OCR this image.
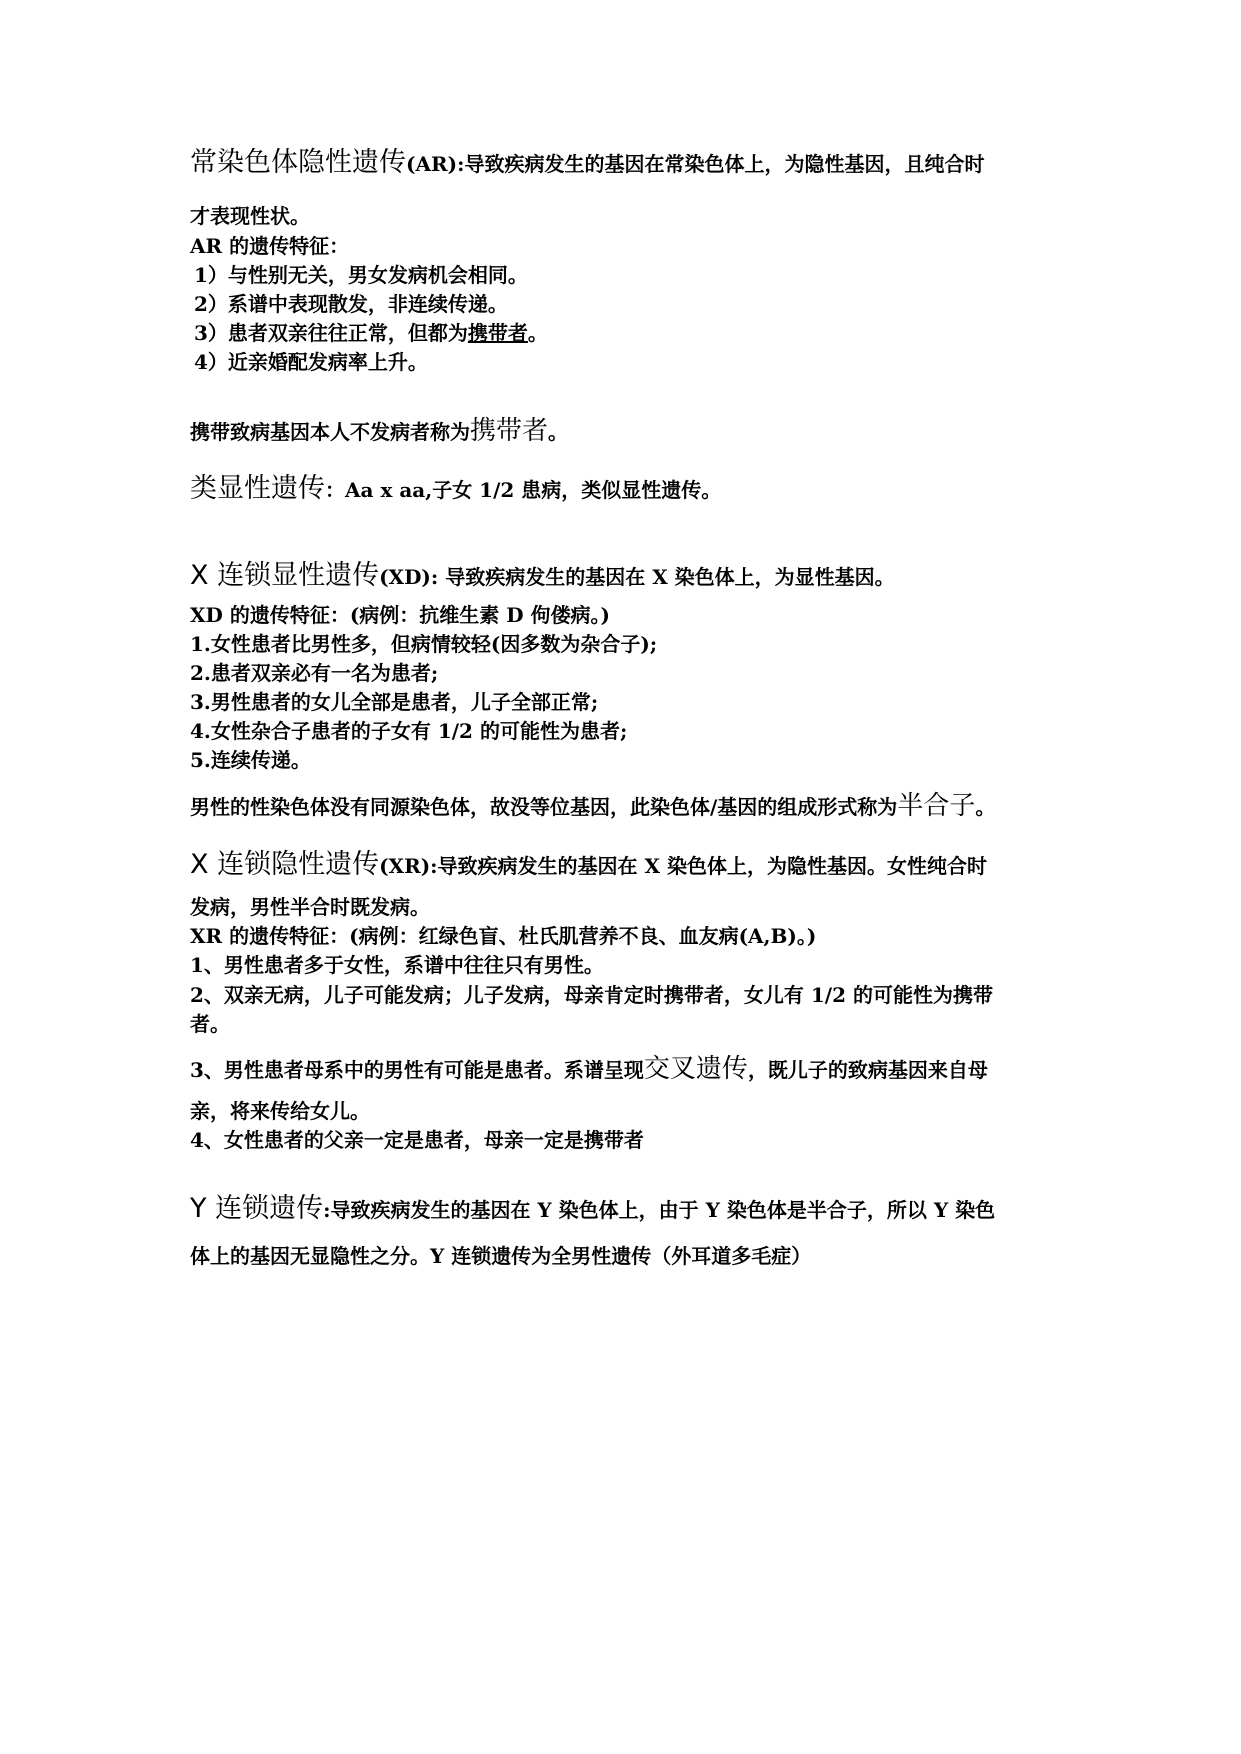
常染色体隐性遗传(AR):导致疾病发生的基因在常染色体上，为隐性基因，且纯合时
才表现性状。
AR 的遗传特征：
1）与性别无关，男女发病机会相同。
2）系谱中表现散发，非连续传递。
3）患者双亲往往正常，但都为携带者。
4）近亲婚配发病率上升。
携带致病基因本人不发病者称为携带者。
类显性遗传：Aa x aa,子女 1/2 患病，类似显性遗传。
X 连锁显性遗传(XD): 导致疾病发生的基因在 X 染色体上，为显性基因。
XD 的遗传特征：(病例：抗维生素 D 佝偻病。)
1.女性患者比男性多，但病情较轻(因多数为杂合子);
2.患者双亲必有一名为患者;
3.男性患者的女儿全部是患者，儿子全部正常;
4.女性杂合子患者的子女有 1/2 的可能性为患者;
5.连续传递。
男性的性染色体没有同源染色体，故没等位基因，此染色体/基因的组成形式称为半合子。
X 连锁隐性遗传(XR):导致疾病发生的基因在 X 染色体上，为隐性基因。女性纯合时
发病，男性半合时既发病。
XR 的遗传特征：(病例：红绿色盲、杜氏肌营养不良、血友病(A,B)。)
1、男性患者多于女性，系谱中往往只有男性。
2、双亲无病，儿子可能发病；儿子发病，母亲肯定时携带者，女儿有 1/2 的可能性为携带
者。
3、男性患者母系中的男性有可能是患者。系谱呈现交叉遗传，既儿子的致病基因来自母
亲，将来传给女儿。
4、女性患者的父亲一定是患者，母亲一定是携带者
Y 连锁遗传:导致疾病发生的基因在 Y 染色体上，由于 Y 染色体是半合子，所以 Y 染色
体上的基因无显隐性之分。Y 连锁遗传为全男性遗传（外耳道多毛症）
